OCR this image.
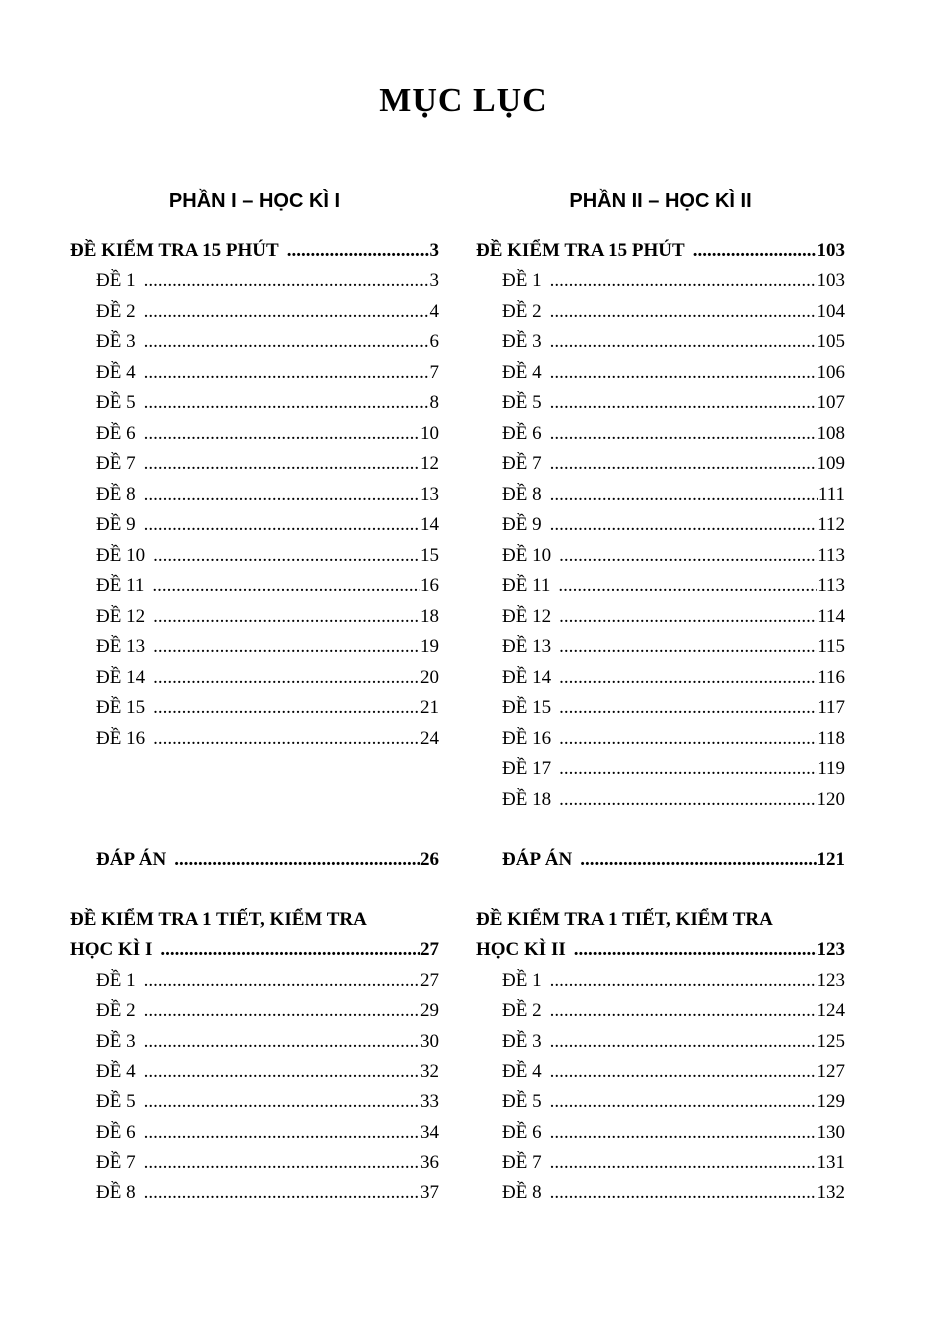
MỤC LỤC
PHẦN I – HỌC KÌ I
ĐỀ KIỂM TRA 15 PHÚT .....	3
ĐỀ 1 .....	3
ĐỀ 2 .....	4
ĐỀ 3 .....	6
ĐỀ 4 .....	7
ĐỀ 5 .....	8
ĐỀ 6 .....	10
ĐỀ 7 .....	12
ĐỀ 8 .....	13
ĐỀ 9 .....	14
ĐỀ 10 .....	15
ĐỀ 11 .....	16
ĐỀ 12 .....	18
ĐỀ 13 .....	19
ĐỀ 14 .....	20
ĐỀ 15 .....	21
ĐỀ 16 .....	24
ĐÁP ÁN .....	26
ĐỀ KIỂM TRA 1 TIẾT, KIỂM TRA
HỌC KÌ I .....	27
ĐỀ 1 .....	27
ĐỀ 2 .....	29
ĐỀ 3 .....	30
ĐỀ 4 .....	32
ĐỀ 5 .....	33
ĐỀ 6 .....	34
ĐỀ 7 .....	36
ĐỀ 8 .....	37
PHẦN II – HỌC KÌ II
ĐỀ KIỂM TRA 15 PHÚT .....	103
ĐỀ 1 .....	103
ĐỀ 2 .....	104
ĐỀ 3 .....	105
ĐỀ 4 .....	106
ĐỀ 5 .....	107
ĐỀ 6 .....	108
ĐỀ 7 .....	109
ĐỀ 8 .....	111
ĐỀ 9 .....	112
ĐỀ 10 .....	113
ĐỀ 11 .....	113
ĐỀ 12 .....	114
ĐỀ 13 .....	115
ĐỀ 14 .....	116
ĐỀ 15 .....	117
ĐỀ 16 .....	118
ĐỀ 17 .....	119
ĐỀ 18 .....	120
ĐÁP ÁN .....	121
ĐỀ KIỂM TRA 1 TIẾT, KIỂM TRA
HỌC KÌ II .....	123
ĐỀ 1 .....	123
ĐỀ 2 .....	124
ĐỀ 3 .....	125
ĐỀ 4 .....	127
ĐỀ 5 .....	129
ĐỀ 6 .....	130
ĐỀ 7 .....	131
ĐỀ 8 .....	132
